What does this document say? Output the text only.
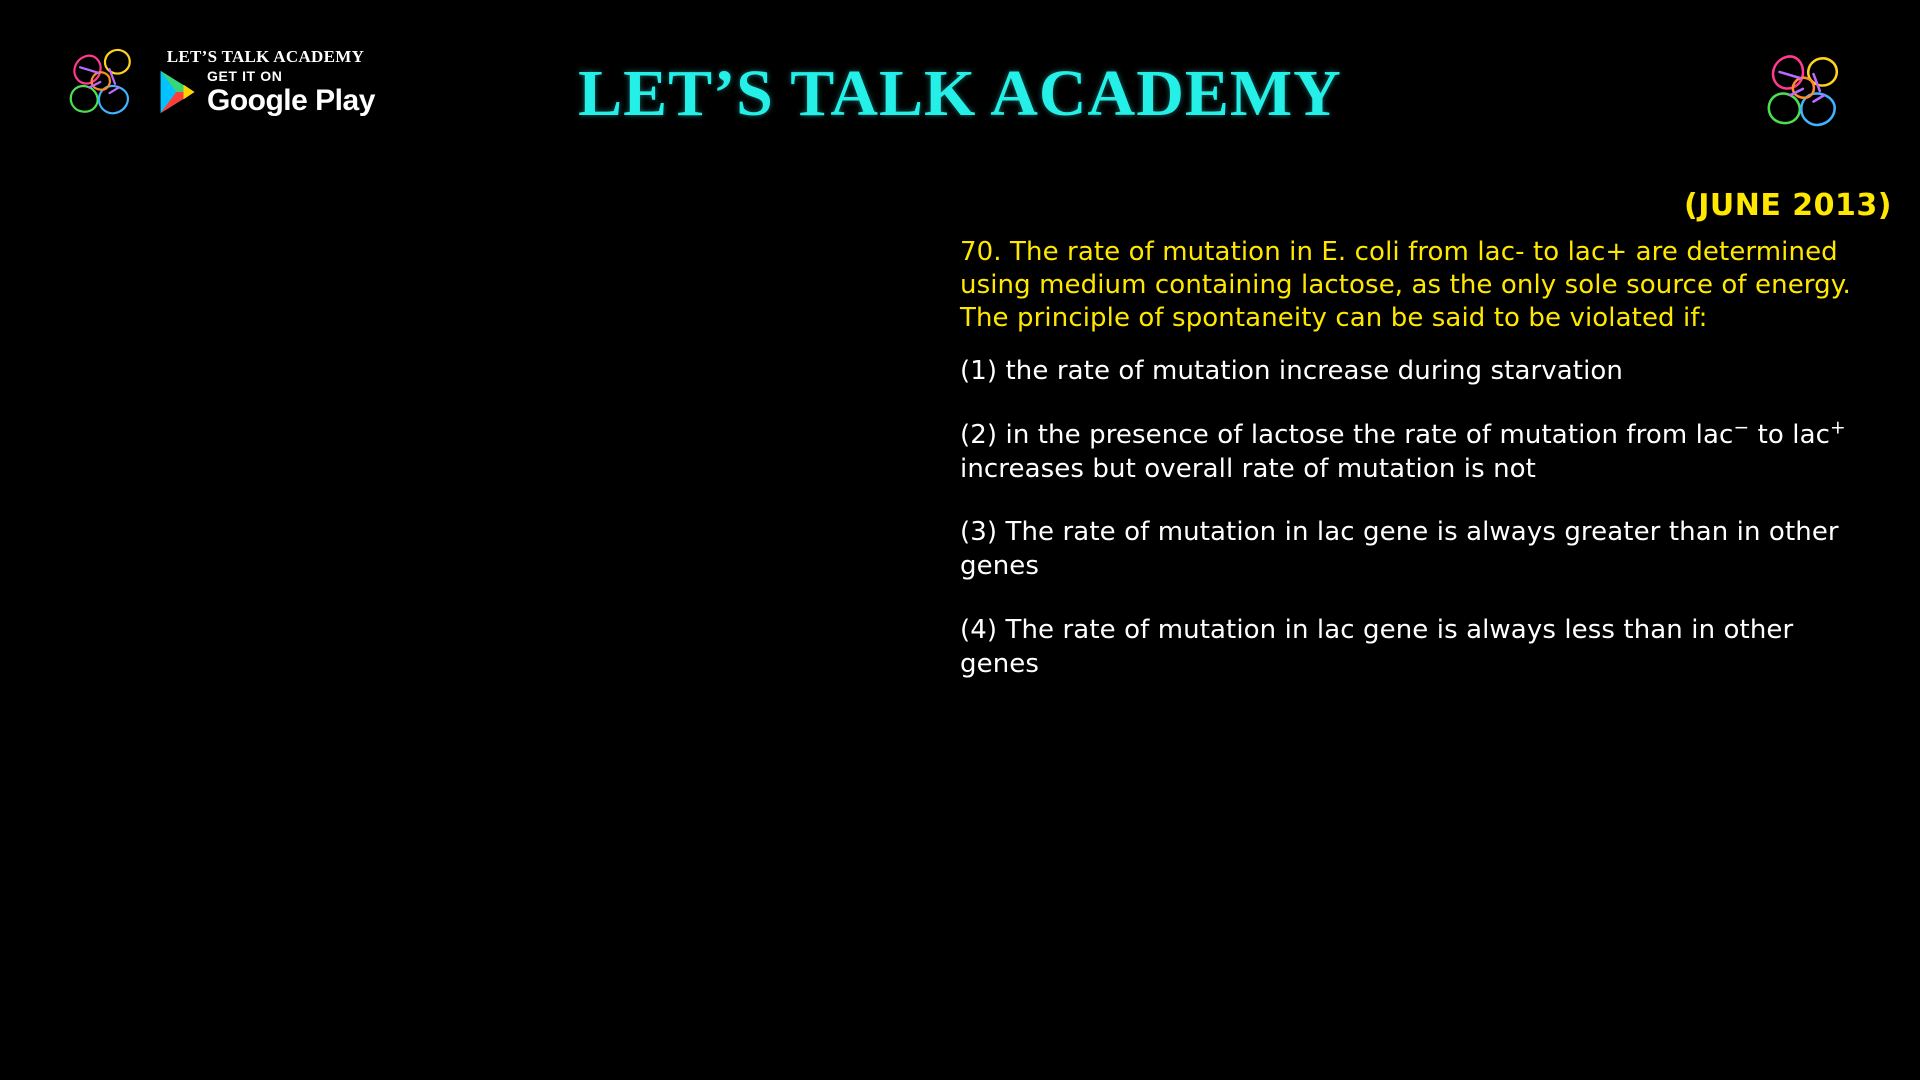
LET’S TALK ACADEMY
GET IT ON
Google Play	LET’S TALK ACADEMY
(JUNE 2013)
70. The rate of mutation in E. coli from lac- to lac+ are determined using medium containing lactose, as the only sole source of energy. The principle of spontaneity can be said to be violated if:
(1) the rate of mutation increase during starvation
(2) in the presence of lactose the rate of mutation from lac− to lac+ increases but overall rate of mutation is not
(3) The rate of mutation in lac gene is always greater than in other genes
(4) The rate of mutation in lac gene is always less than in other genes
